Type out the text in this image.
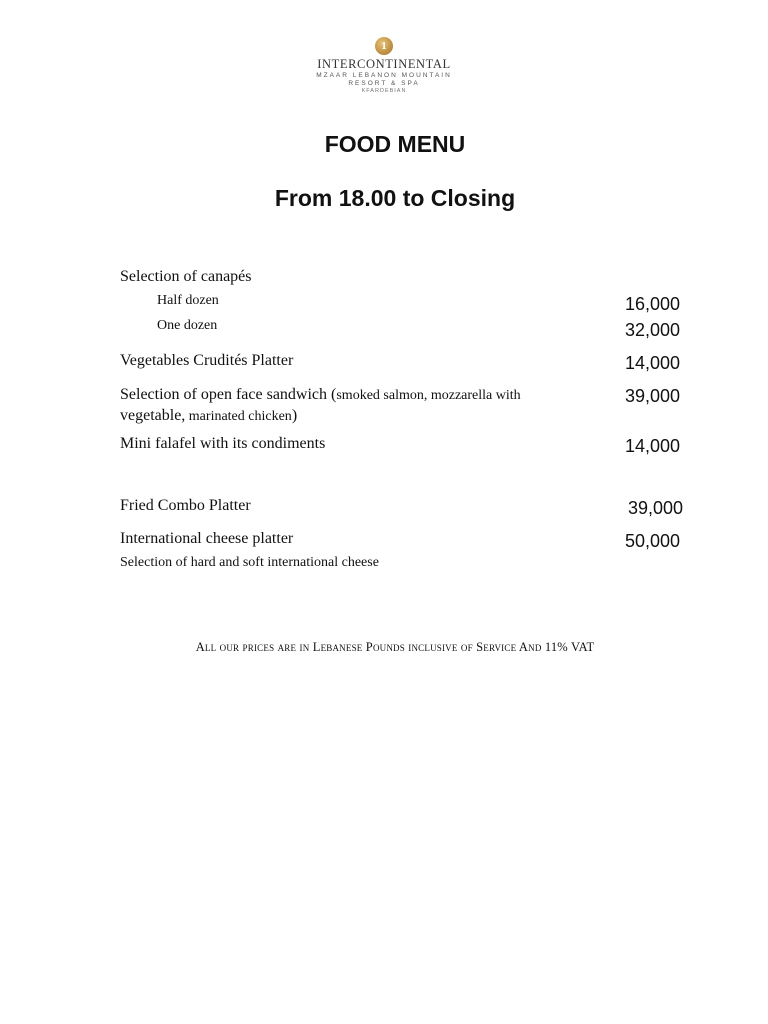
1
INTERCONTINENTAL
MZAAR LEBANON MOUNTAIN
RESORT & SPA
KFARDEBIAN
FOOD MENU
From 18.00 to Closing
Selection of canapés
Half dozen	16,000
One dozen	32,000
Vegetables Crudités Platter	14,000
Selection of open face sandwich (smoked salmon, mozzarella with
vegetable, marinated chicken)
39,000
Mini falafel with its condiments	14,000
Fried Combo Platter	39,000
International cheese platter	50,000
Selection of hard and soft international cheese
All our prices are in Lebanese Pounds inclusive of Service And 11% VAT
